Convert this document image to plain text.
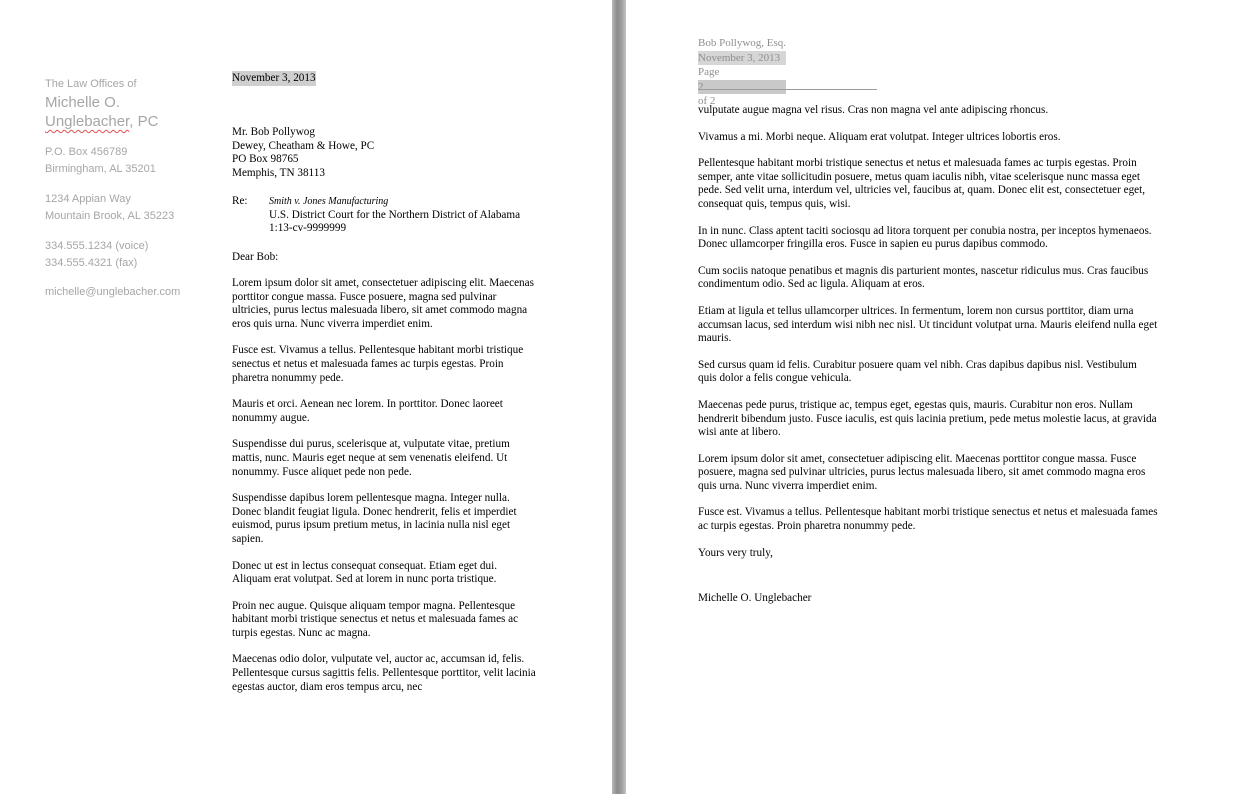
The Law Offices of
Michelle O.
Unglebacher, PC
P.O. Box 456789
Birmingham, AL 35201
1234 Appian Way
Mountain Brook, AL 35223
334.555.1234 (voice)
334.555.4321 (fax)
michelle@unglebacher.com
November 3, 2013
Mr. Bob Pollywog
Dewey, Cheatham & Howe, PC
PO Box 98765
Memphis, TN 38113
Re: Smith v. Jones Manufacturing
U.S. District Court for the Northern District of Alabama
1:13-cv-9999999
Dear Bob:

Lorem ipsum dolor sit amet, consectetuer adipiscing elit. Maecenas porttitor congue massa. Fusce posuere, magna sed pulvinar ultricies, purus lectus malesuada libero, sit amet commodo magna eros quis urna. Nunc viverra imperdiet enim.

Fusce est. Vivamus a tellus. Pellentesque habitant morbi tristique senectus et netus et malesuada fames ac turpis egestas. Proin pharetra nonummy pede.

Mauris et orci. Aenean nec lorem. In porttitor. Donec laoreet nonummy augue.

Suspendisse dui purus, scelerisque at, vulputate vitae, pretium mattis, nunc. Mauris eget neque at sem venenatis eleifend. Ut nonummy. Fusce aliquet pede non pede.

Suspendisse dapibus lorem pellentesque magna. Integer nulla. Donec blandit feugiat ligula. Donec hendrerit, felis et imperdiet euismod, purus ipsum pretium metus, in lacinia nulla nisl eget sapien.

Donec ut est in lectus consequat consequat. Etiam eget dui. Aliquam erat volutpat. Sed at lorem in nunc porta tristique.

Proin nec augue. Quisque aliquam tempor magna. Pellentesque habitant morbi tristique senectus et netus et malesuada fames ac turpis egestas. Nunc ac magna.

Maecenas odio dolor, vulputate vel, auctor ac, accumsan id, felis. Pellentesque cursus sagittis felis. Pellentesque porttitor, velit lacinia egestas auctor, diam eros tempus arcu, nec

Bob Pollywog, Esq.
November 3, 2013
Page
2
of 2

vulputate augue magna vel risus. Cras non magna vel ante adipiscing rhoncus.

Vivamus a mi. Morbi neque. Aliquam erat volutpat. Integer ultrices lobortis eros.

Pellentesque habitant morbi tristique senectus et netus et malesuada fames ac turpis egestas. Proin semper, ante vitae sollicitudin posuere, metus quam iaculis nibh, vitae scelerisque nunc massa eget pede. Sed velit urna, interdum vel, ultricies vel, faucibus at, quam. Donec elit est, consectetuer eget, consequat quis, tempus quis, wisi.

In in nunc. Class aptent taciti sociosqu ad litora torquent per conubia nostra, per inceptos hymenaeos. Donec ullamcorper fringilla eros. Fusce in sapien eu purus dapibus commodo.

Cum sociis natoque penatibus et magnis dis parturient montes, nascetur ridiculus mus. Cras faucibus condimentum odio. Sed ac ligula. Aliquam at eros.

Etiam at ligula et tellus ullamcorper ultrices. In fermentum, lorem non cursus porttitor, diam urna accumsan lacus, sed interdum wisi nibh nec nisl. Ut tincidunt volutpat urna. Mauris eleifend nulla eget mauris.

Sed cursus quam id felis. Curabitur posuere quam vel nibh. Cras dapibus dapibus nisl. Vestibulum quis dolor a felis congue vehicula.

Maecenas pede purus, tristique ac, tempus eget, egestas quis, mauris. Curabitur non eros. Nullam hendrerit bibendum justo. Fusce iaculis, est quis lacinia pretium, pede metus molestie lacus, at gravida wisi ante at libero.

Lorem ipsum dolor sit amet, consectetuer adipiscing elit. Maecenas porttitor congue massa. Fusce posuere, magna sed pulvinar ultricies, purus lectus malesuada libero, sit amet commodo magna eros quis urna. Nunc viverra imperdiet enim.

Fusce est. Vivamus a tellus. Pellentesque habitant morbi tristique senectus et netus et malesuada fames ac turpis egestas. Proin pharetra nonummy pede.

Yours very truly,

Michelle O. Unglebacher
